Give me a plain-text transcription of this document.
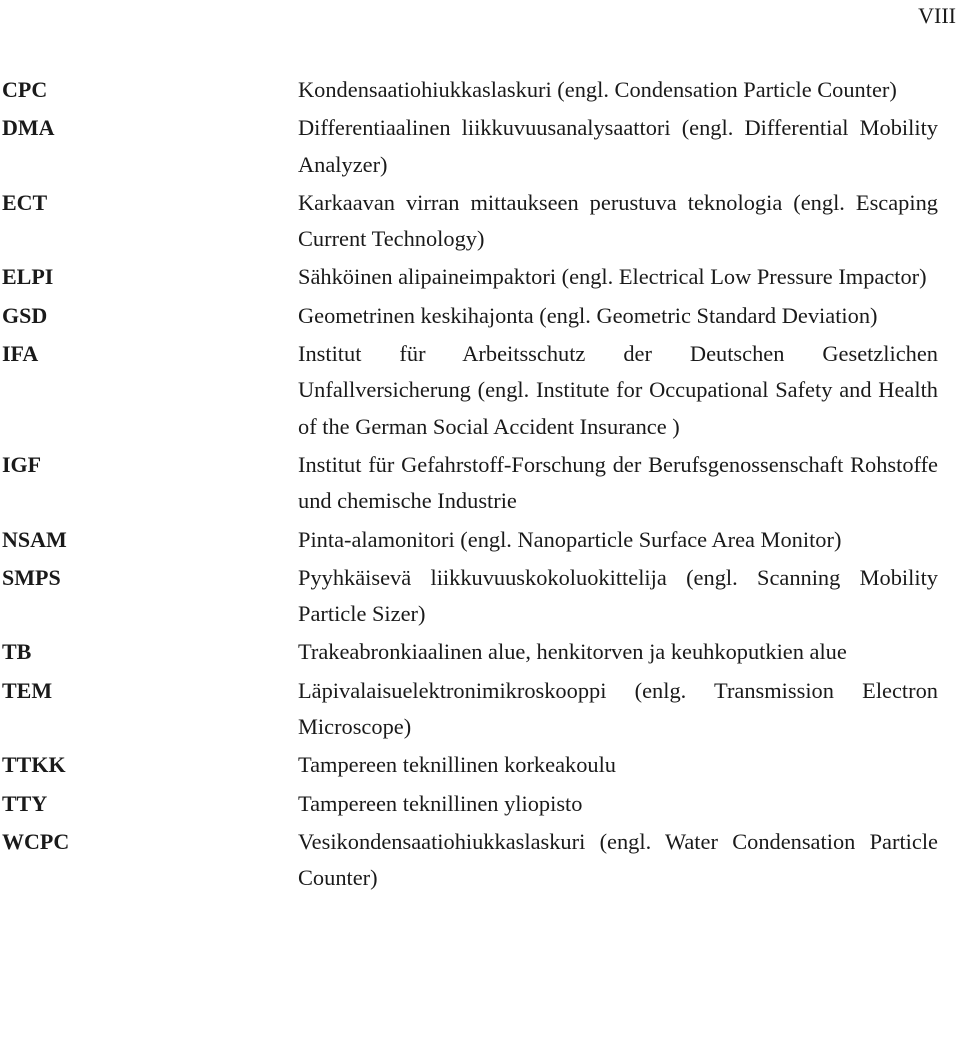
VIII
CPC	Kondensaatiohiukkaslaskuri (engl. Condensation Particle Counter)
DMA	Differentiaalinen liikkuvuusanalysaattori (engl. Differential Mobility Analyzer)
ECT	Karkaavan virran mittaukseen perustuva teknologia (engl. Escaping Current Technology)
ELPI	Sähköinen alipaineimpaktori (engl. Electrical Low Pressure Impactor)
GSD	Geometrinen keskihajonta (engl. Geometric Standard Deviation)
IFA	Institut für Arbeitsschutz der Deutschen Gesetzlichen Unfallversicherung (engl. Institute for Occupational Safety and Health of the German Social Accident Insurance )
IGF	Institut für Gefahrstoff-Forschung der Berufsgenossenschaft Rohstoffe und chemische Industrie
NSAM	Pinta-alamonitori (engl. Nanoparticle Surface Area Monitor)
SMPS	Pyyhkäisevä liikkuvuuskokoluokittelija (engl. Scanning Mobility Particle Sizer)
TB	Trakeabronkiaalinen alue, henkitorven ja keuhkoputkien alue
TEM	Läpivalaisuelektronimikroskooppi (enlg. Transmission Electron Microscope)
TTKK	Tampereen teknillinen korkeakoulu
TTY	Tampereen teknillinen yliopisto
WCPC	Vesikondensaatiohiukkaslaskuri (engl. Water Condensation Particle Counter)
